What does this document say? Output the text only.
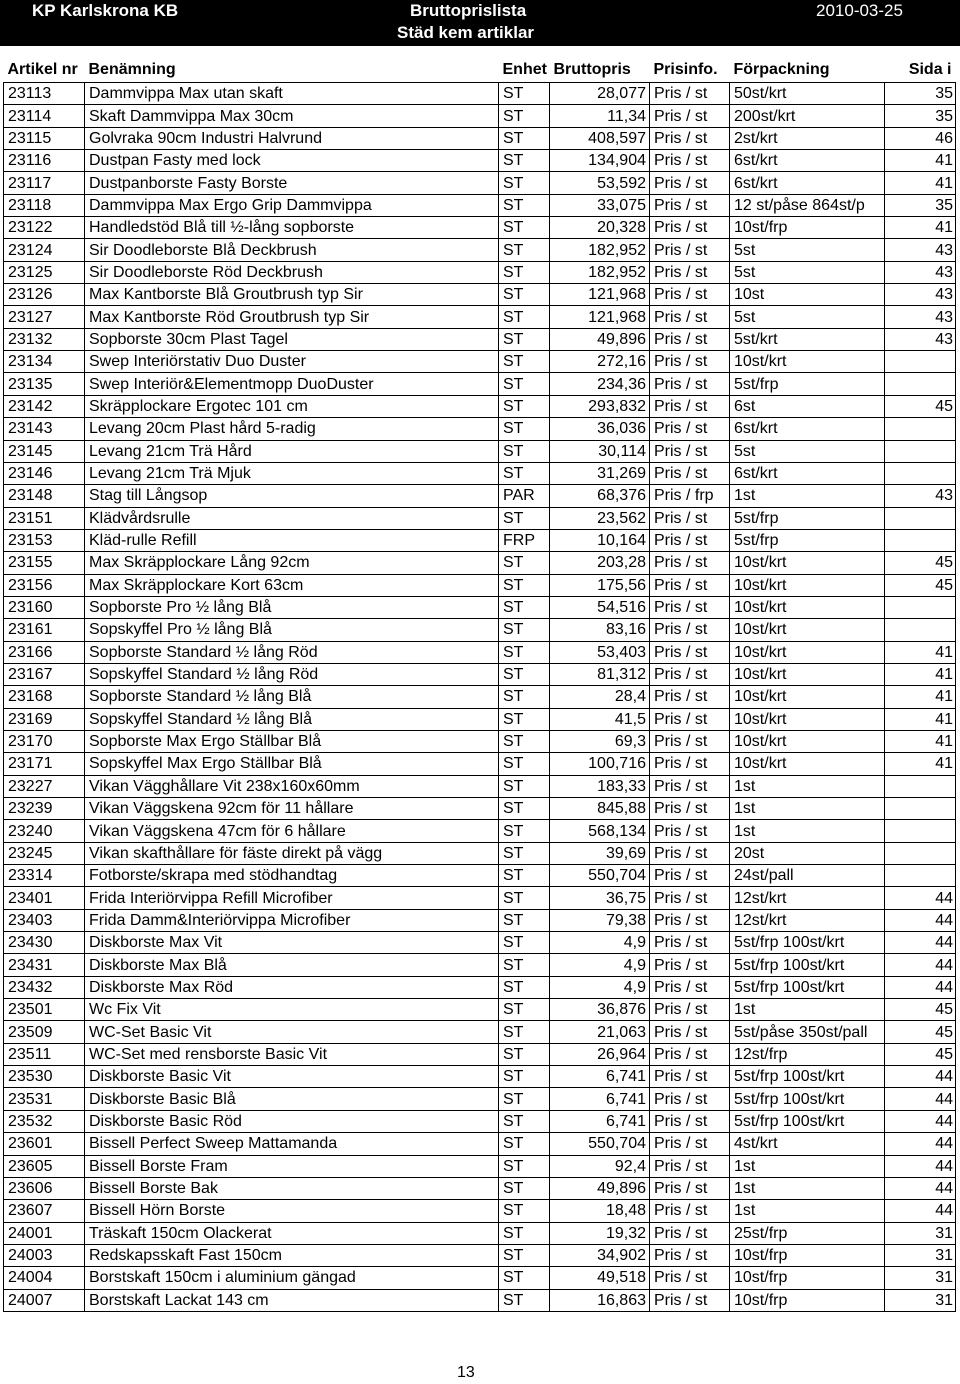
KP Karlskrona KB	Bruttoprislista
Städ kem artiklar
2010-03-25
Artikel nr	Benämning	Enhet	Bruttopris	Prisinfo.	Förpackning	Sida i
23113	Dammvippa Max utan skaft	ST	28,077	Pris / st	50st/krt	35
23114	Skaft Dammvippa Max 30cm	ST	11,34	Pris / st	200st/krt	35
23115	Golvraka 90cm Industri Halvrund	ST	408,597	Pris / st	2st/krt	46
23116	Dustpan Fasty med lock	ST	134,904	Pris / st	6st/krt	41
23117	Dustpanborste Fasty Borste	ST	53,592	Pris / st	6st/krt	41
23118	Dammvippa Max Ergo Grip Dammvippa	ST	33,075	Pris / st	12 st/påse 864st/p	35
23122	Handledstöd Blå till ½-lång sopborste	ST	20,328	Pris / st	10st/frp	41
23124	Sir Doodleborste Blå Deckbrush	ST	182,952	Pris / st	5st	43
23125	Sir Doodleborste Röd Deckbrush	ST	182,952	Pris / st	5st	43
23126	Max Kantborste Blå Groutbrush typ Sir	ST	121,968	Pris / st	10st	43
23127	Max Kantborste Röd Groutbrush typ Sir	ST	121,968	Pris / st	5st	43
23132	Sopborste 30cm Plast Tagel	ST	49,896	Pris / st	5st/krt	43
23134	Swep Interiörstativ Duo Duster	ST	272,16	Pris / st	10st/krt	
23135	Swep Interiör&Elementmopp DuoDuster	ST	234,36	Pris / st	5st/frp	
23142	Skräpplockare Ergotec 101 cm	ST	293,832	Pris / st	6st	45
23143	Levang 20cm Plast hård 5-radig	ST	36,036	Pris / st	6st/krt	
23145	Levang 21cm Trä Hård	ST	30,114	Pris / st	5st	
23146	Levang 21cm Trä Mjuk	ST	31,269	Pris / st	6st/krt	
23148	Stag till Långsop	PAR	68,376	Pris / frp	1st	43
23151	Klädvårdsrulle	ST	23,562	Pris / st	5st/frp	
23153	Kläd-rulle Refill	FRP	10,164	Pris / st	5st/frp	
23155	Max Skräpplockare Lång 92cm	ST	203,28	Pris / st	10st/krt	45
23156	Max Skräpplockare Kort 63cm	ST	175,56	Pris / st	10st/krt	45
23160	Sopborste Pro ½ lång Blå	ST	54,516	Pris / st	10st/krt	
23161	Sopskyffel Pro ½ lång Blå	ST	83,16	Pris / st	10st/krt	
23166	Sopborste Standard ½ lång Röd	ST	53,403	Pris / st	10st/krt	41
23167	Sopskyffel Standard ½ lång Röd	ST	81,312	Pris / st	10st/krt	41
23168	Sopborste Standard ½ lång Blå	ST	28,4	Pris / st	10st/krt	41
23169	Sopskyffel Standard ½ lång Blå	ST	41,5	Pris / st	10st/krt	41
23170	Sopborste Max Ergo Ställbar Blå	ST	69,3	Pris / st	10st/krt	41
23171	Sopskyffel Max Ergo Ställbar Blå	ST	100,716	Pris / st	10st/krt	41
23227	Vikan Vägghållare Vit 238x160x60mm	ST	183,33	Pris / st	1st	
23239	Vikan Väggskena 92cm för 11 hållare	ST	845,88	Pris / st	1st	
23240	Vikan Väggskena 47cm för 6 hållare	ST	568,134	Pris / st	1st	
23245	Vikan skafthållare för fäste direkt på vägg	ST	39,69	Pris / st	20st	
23314	Fotborste/skrapa med stödhandtag	ST	550,704	Pris / st	24st/pall	
23401	Frida Interiörvippa Refill Microfiber	ST	36,75	Pris / st	12st/krt	44
23403	Frida Damm&Interiörvippa Microfiber	ST	79,38	Pris / st	12st/krt	44
23430	Diskborste Max Vit	ST	4,9	Pris / st	5st/frp 100st/krt	44
23431	Diskborste Max Blå	ST	4,9	Pris / st	5st/frp 100st/krt	44
23432	Diskborste Max Röd	ST	4,9	Pris / st	5st/frp 100st/krt	44
23501	Wc Fix Vit	ST	36,876	Pris / st	1st	45
23509	WC-Set Basic Vit	ST	21,063	Pris / st	5st/påse 350st/pall	45
23511	WC-Set med rensborste Basic Vit	ST	26,964	Pris / st	12st/frp	45
23530	Diskborste Basic Vit	ST	6,741	Pris / st	5st/frp 100st/krt	44
23531	Diskborste Basic Blå	ST	6,741	Pris / st	5st/frp 100st/krt	44
23532	Diskborste Basic Röd	ST	6,741	Pris / st	5st/frp 100st/krt	44
23601	Bissell Perfect Sweep Mattamanda	ST	550,704	Pris / st	4st/krt	44
23605	Bissell Borste Fram	ST	92,4	Pris / st	1st	44
23606	Bissell Borste Bak	ST	49,896	Pris / st	1st	44
23607	Bissell Hörn Borste	ST	18,48	Pris / st	1st	44
24001	Träskaft 150cm Olackerat	ST	19,32	Pris / st	25st/frp	31
24003	Redskapsskaft Fast 150cm	ST	34,902	Pris / st	10st/frp	31
24004	Borstskaft 150cm i aluminium gängad	ST	49,518	Pris / st	10st/frp	31
24007	Borstskaft Lackat 143 cm	ST	16,863	Pris / st	10st/frp	31
13
